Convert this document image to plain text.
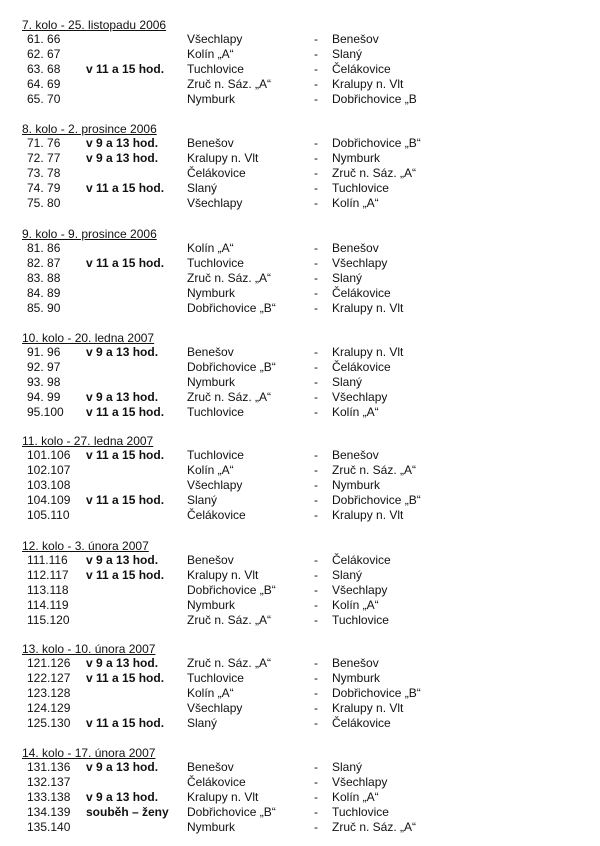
7. kolo - 25. listopadu 2006
61. 66	Všechlapy	-	Benešov
62. 67	Kolín „A“	-	Slaný
63. 68	v 11 a 15 hod.	Tuchlovice	-	Čelákovice
64. 69	Zruč n. Sáz. „A“	-	Kralupy n. Vlt
65. 70	Nymburk	-	Dobřichovice „B
8. kolo - 2. prosince 2006
71. 76	v 9 a 13 hod.	Benešov	-	Dobřichovice „B“
72. 77	v 9 a 13 hod.	Kralupy n. Vlt	-	Nymburk
73. 78	Čelákovice	-	Zruč n. Sáz. „A“
74. 79	v 11 a 15 hod.	Slaný	-	Tuchlovice
75. 80	Všechlapy	-	Kolín „A“
9. kolo - 9. prosince 2006
81. 86	Kolín „A“	-	Benešov
82. 87	v 11 a 15 hod.	Tuchlovice	-	Všechlapy
83. 88	Zruč n. Sáz. „A“	-	Slaný
84. 89	Nymburk	-	Čelákovice
85. 90	Dobřichovice „B“	-	Kralupy n. Vlt
10. kolo - 20. ledna 2007
91. 96	v 9 a 13 hod.	Benešov	-	Kralupy n. Vlt
92. 97	Dobřichovice „B“	-	Čelákovice
93. 98	Nymburk	-	Slaný
94. 99	v 9 a 13 hod.	Zruč n. Sáz. „A“	-	Všechlapy
95.100	v 11 a 15 hod.	Tuchlovice	-	Kolín „A“
11. kolo - 27. ledna 2007
101.106	v 11 a 15 hod.	Tuchlovice	-	Benešov
102.107	Kolín „A“	-	Zruč n. Sáz. „A“
103.108	Všechlapy	-	Nymburk
104.109	v 11 a 15 hod.	Slaný	-	Dobřichovice „B“
105.110	Čelákovice	-	Kralupy n. Vlt
12. kolo - 3. února 2007
111.116	v 9 a 13 hod.	Benešov	-	Čelákovice
112.117	v 11 a 15 hod.	Kralupy n. Vlt	-	Slaný
113.118	Dobřichovice „B“	-	Všechlapy
114.119	Nymburk	-	Kolín „A“
115.120	Zruč n. Sáz. „A“	-	Tuchlovice
13. kolo - 10. února 2007
121.126	v 9 a 13 hod.	Zruč n. Sáz. „A“	-	Benešov
122.127	v 11 a 15 hod.	Tuchlovice	-	Nymburk
123.128	Kolín „A“	-	Dobřichovice „B“
124.129	Všechlapy	-	Kralupy n. Vlt
125.130	v 11 a 15 hod.	Slaný	-	Čelákovice
14. kolo - 17. února 2007
131.136	v 9 a 13 hod.	Benešov	-	Slaný
132.137	Čelákovice	-	Všechlapy
133.138	v 9 a 13 hod.	Kralupy n. Vlt	-	Kolín „A“
134.139	souběh – ženy	Dobřichovice „B“	-	Tuchlovice
135.140	Nymburk	-	Zruč n. Sáz. „A“
